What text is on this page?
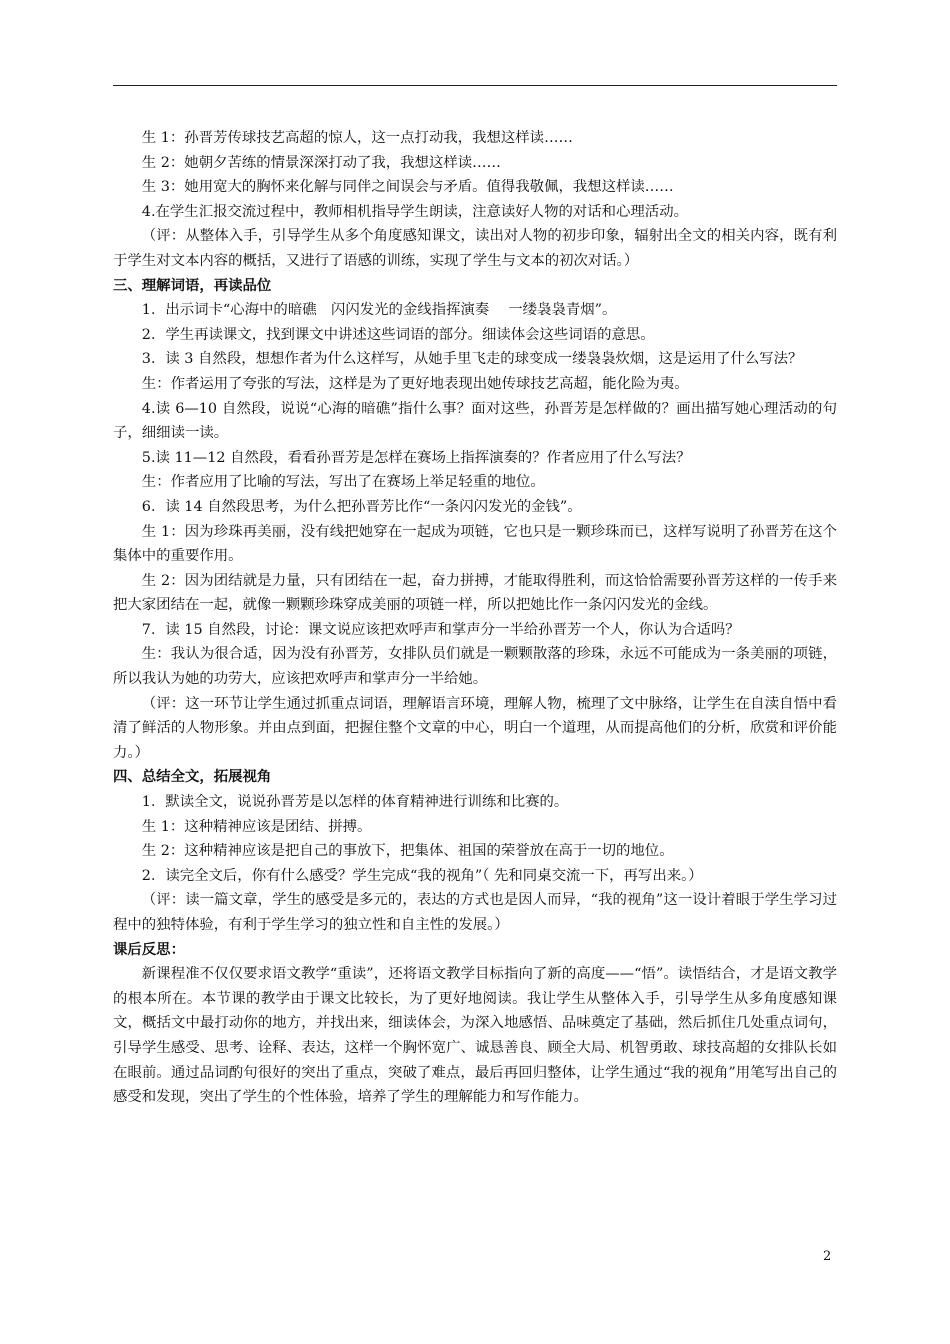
生 1：孙晋芳传球技艺高超的惊人，这一点打动我，我想这样读……

生 2：她朝夕苦练的情景深深打动了我，我想这样读……

生 3：她用宽大的胸怀来化解与同伴之间误会与矛盾。值得我敬佩，我想这样读……

4.在学生汇报交流过程中，教师相机指导学生朗读，注意读好人物的对话和心理活动。

（评：从整体入手，引导学生从多个角度感知课文，读出对人物的初步印象，辐射出全文的相关内容，既有利于学生对文本内容的概括，又进行了语感的训练，实现了学生与文本的初次对话。）

三、理解词语，再读品位

1．出示词卡“心海中的暗礁　闪闪发光的金线指挥演奏　 一缕袅袅青烟”。

2．学生再读课文，找到课文中讲述这些词语的部分。细读体会这些词语的意思。

3．读 3 自然段，想想作者为什么这样写，从她手里飞走的球变成一缕袅袅炊烟，这是运用了什么写法？

生：作者运用了夸张的写法，这样是为了更好地表现出她传球技艺高超，能化险为夷。

4.读 6—10 自然段，说说“心海的暗礁”指什么事？面对这些，孙晋芳是怎样做的？画出描写她心理活动的句子，细细读一读。

5.读 11—12 自然段，看看孙晋芳是怎样在赛场上指挥演奏的？作者应用了什么写法？

生：作者应用了比喻的写法，写出了在赛场上举足轻重的地位。

6．读 14 自然段思考，为什么把孙晋芳比作“一条闪闪发光的金钱”。

生 1：因为珍珠再美丽，没有线把她穿在一起成为项链，它也只是一颗珍珠而已，这样写说明了孙晋芳在这个集体中的重要作用。

生 2：因为团结就是力量，只有团结在一起，奋力拼搏，才能取得胜利，而这恰恰需要孙晋芳这样的一传手来把大家团结在一起，就像一颗颗珍珠穿成美丽的项链一样，所以把她比作一条闪闪发光的金线。

7．读 15 自然段，讨论：课文说应该把欢呼声和掌声分一半给孙晋芳一个人，你认为合适吗？

生：我认为很合适，因为没有孙晋芳，女排队员们就是一颗颗散落的珍珠，永远不可能成为一条美丽的项链，所以我认为她的功劳大，应该把欢呼声和掌声分一半给她。

（评：这一环节让学生通过抓重点词语，理解语言环境，理解人物，梳理了文中脉络，让学生在自渎自悟中看清了鲜活的人物形象。并由点到面，把握住整个文章的中心，明白一个道理，从而提高他们的分析，欣赏和评价能力。）

四、总结全文，拓展视角

1．默读全文，说说孙晋芳是以怎样的体育精神进行训练和比赛的。

生 1：这种精神应该是团结、拼搏。

生 2：这种精神应该是把自己的事放下，把集体、祖国的荣誉放在高于一切的地位。

2．读完全文后，你有什么感受？学生完成“我的视角”（ 先和同桌交流一下，再写出来。）

（评：读一篇文章，学生的感受是多元的，表达的方式也是因人而异，“我的视角”这一设计着眼于学生学习过程中的独特体验，有利于学生学习的独立性和自主性的发展。）

课后反思：

新课程准不仅仅要求语文教学“重读”，还将语文教学目标指向了新的高度——“悟”。读悟结合，才是语文教学的根本所在。本节课的教学由于课文比较长，为了更好地阅读。我让学生从整体入手，引导学生从多角度感知课文，概括文中最打动你的地方，并找出来，细读体会，为深入地感悟、品味奠定了基础，然后抓住几处重点词句，引导学生感受、思考、诠释、表达，这样一个胸怀宽广、诚恳善良、顾全大局、机智勇敢、球技高超的女排队长如在眼前。通过品词酌句很好的突出了重点，突破了难点，最后再回归整体，让学生通过“我的视角”用笔写出自己的感受和发现，突出了学生的个性体验，培养了学生的理解能力和写作能力。

2
